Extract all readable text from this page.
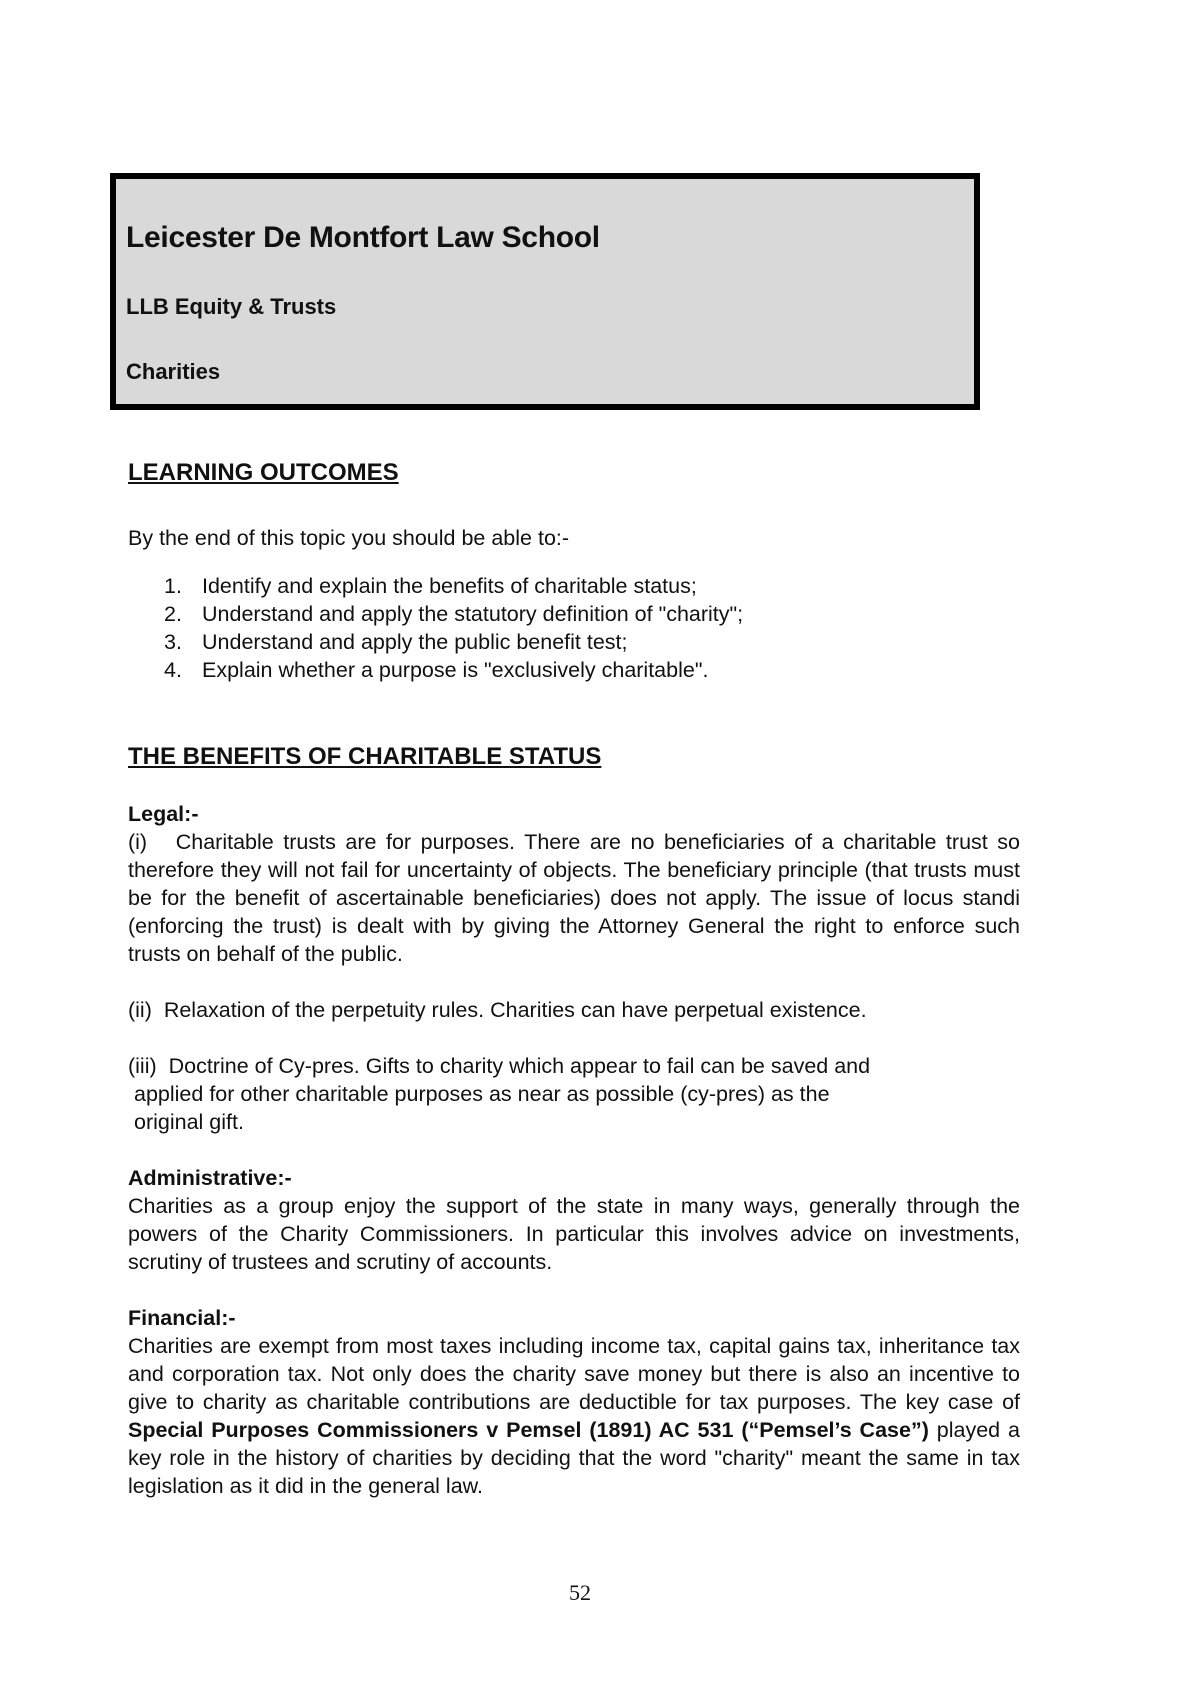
Leicester De Montfort Law School
LLB Equity & Trusts
Charities
LEARNING OUTCOMES

By the end of this topic you should be able to:-

1. Identify and explain the benefits of charitable status;
2. Understand and apply the statutory definition of "charity";
3. Understand and apply the public benefit test;
4. Explain whether a purpose is "exclusively charitable".
THE BENEFITS OF CHARITABLE STATUS

Legal:-

(i)   Charitable trusts are for purposes. There are no beneficiaries of a charitable trust so therefore they will not fail for uncertainty of objects. The beneficiary principle (that trusts must be for the benefit of ascertainable beneficiaries) does not apply. The issue of locus standi (enforcing the trust) is dealt with by giving the Attorney General the right to enforce such trusts on behalf of the public.

(ii)  Relaxation of the perpetuity rules. Charities can have perpetual existence.

(iii)  Doctrine of Cy-pres. Gifts to charity which appear to fail can be saved and
applied for other charitable purposes as near as possible (cy-pres) as the
original gift.

Administrative:-

Charities as a group enjoy the support of the state in many ways, generally through the powers of the Charity Commissioners. In particular this involves advice on investments, scrutiny of trustees and scrutiny of accounts.

Financial:-

Charities are exempt from most taxes including income tax, capital gains tax, inheritance tax and corporation tax. Not only does the charity save money but there is also an incentive to give to charity as charitable contributions are deductible for tax purposes. The key case of Special Purposes Commissioners v Pemsel (1891) AC 531 (“Pemsel’s Case”) played a key role in the history of charities by deciding that the word "charity" meant the same in tax legislation as it did in the general law.

52
